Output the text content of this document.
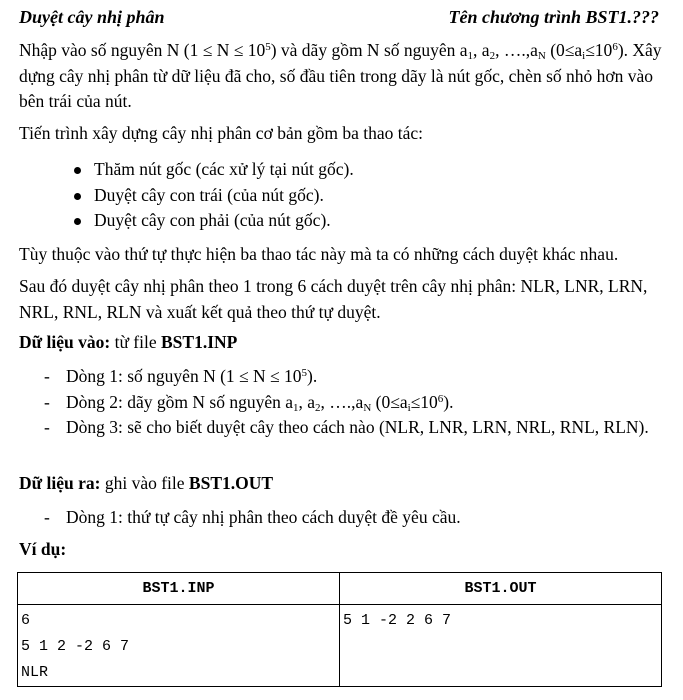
Duyệt cây nhị phân	Tên chương trình BST1.???
Nhập vào số nguyên N $(1 \le N \le 10^5)$ và dãy gồm N số nguyên $a_1$, $a_2$, $\dots.,a_N$ $(0\le a_i\le 10^6)$. Xây dựng cây nhị phân từ dữ liệu đã cho, số đầu tiên trong dãy là nút gốc, chèn số nhỏ hơn vào bên trái của nút.
Tiến trình xây dựng cây nhị phân cơ bản gồm ba thao tác:
Thăm nút gốc (các xử lý tại nút gốc).
Duyệt cây con trái (của nút gốc).
Duyệt cây con phải (của nút gốc).
Tùy thuộc vào thứ tự thực hiện ba thao tác này mà ta có những cách duyệt khác nhau.
Sau đó duyệt cây nhị phân theo 1 trong 6 cách duyệt trên cây nhị phân: NLR, LNR, LRN, NRL, RNL, RLN và xuất kết quả theo thứ tự duyệt.
Dữ liệu vào: từ file BST1.INP
- Dòng 1: số nguyên N $(1 \le N \le 10^5)$.
- Dòng 2: dãy gồm N số nguyên $a_1$, $a_2$, $\dots.,a_N$ $(0\le a_i\le 10^6)$.
- Dòng 3: sẽ cho biết duyệt cây theo cách nào (NLR, LNR, LRN, NRL, RNL, RLN).
Dữ liệu ra: ghi vào file BST1.OUT
- Dòng 1: thứ tự cây nhị phân theo cách duyệt đề yêu cầu.
Ví dụ:
BST1.INP	BST1.OUT

6
5 1 2 -2 6 7
NLR	5 1 -2 2 6 7
